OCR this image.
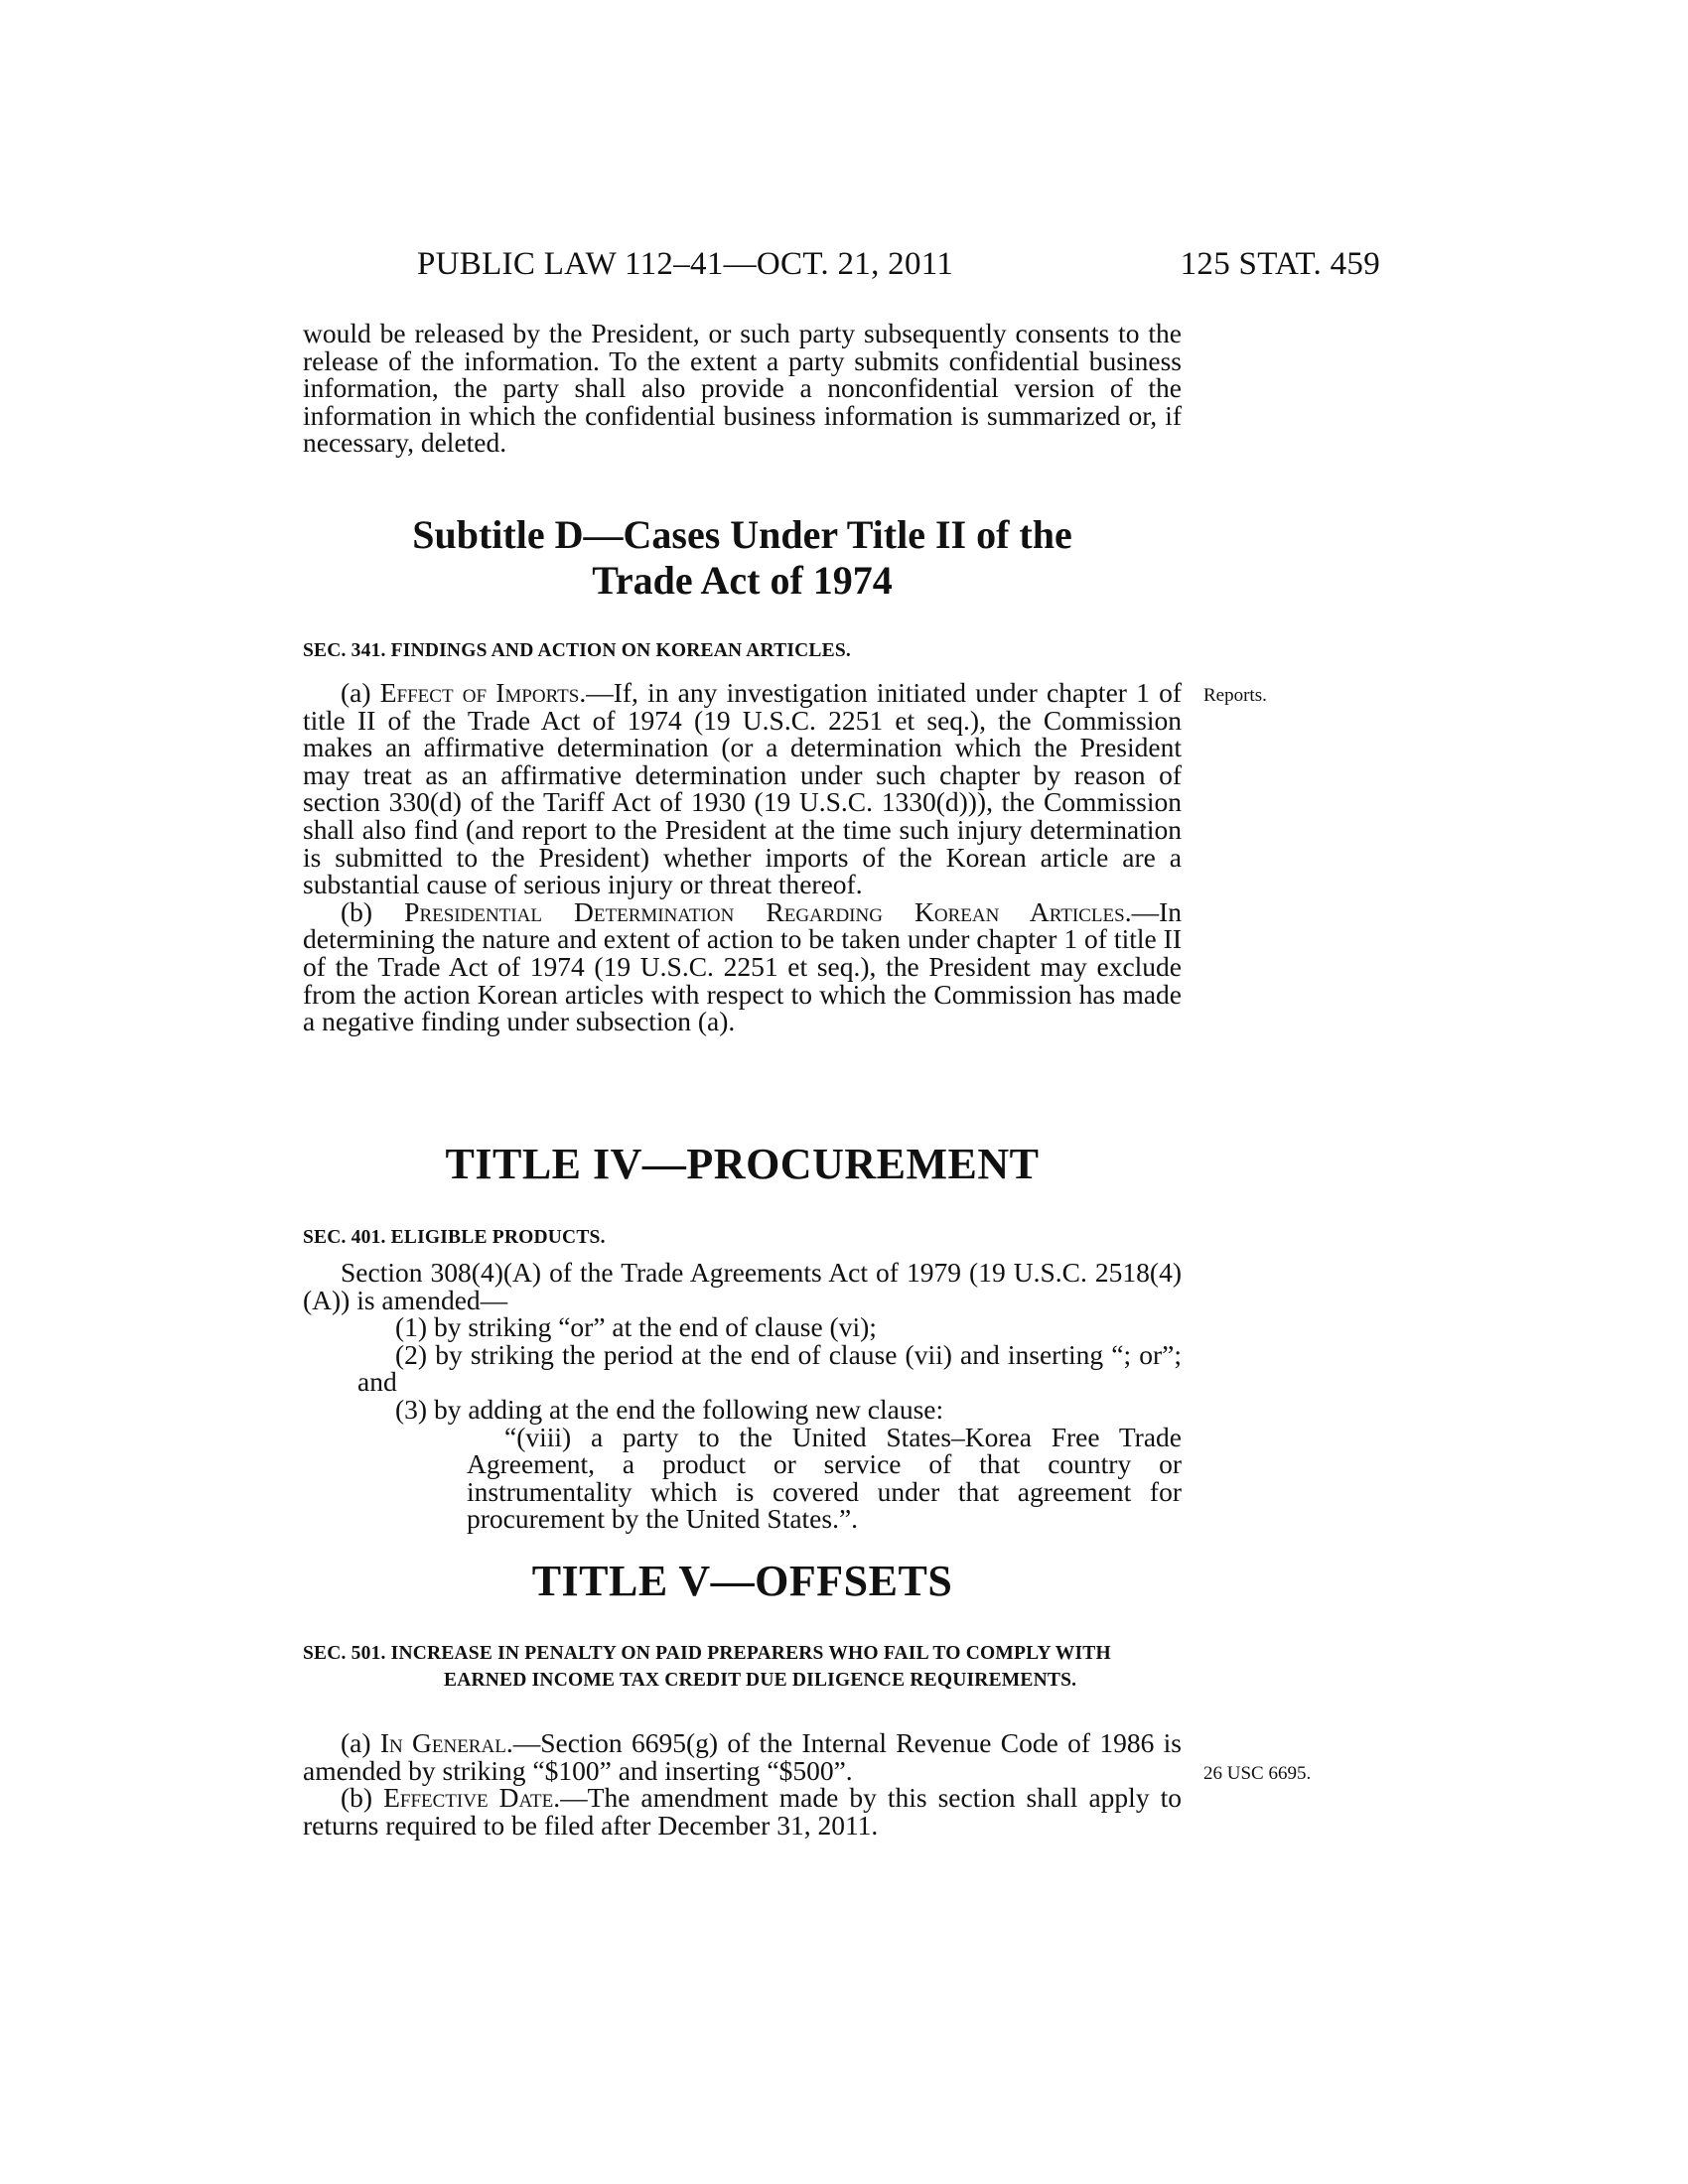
PUBLIC LAW 112–41—OCT. 21, 2011	125 STAT. 459

would be released by the President, or such party subsequently consents to the release of the information. To the extent a party submits confidential business information, the party shall also provide a nonconfidential version of the information in which the confidential business information is summarized or, if necessary, deleted.

Subtitle D—Cases Under Title II of the
Trade Act of 1974
SEC. 341. FINDINGS AND ACTION ON KOREAN ARTICLES.

(a) Effect of Imports.—If, in any investigation initiated under chapter 1 of title II of the Trade Act of 1974 (19 U.S.C. 2251 et seq.), the Commission makes an affirmative determination (or a determination which the President may treat as an affirmative determination under such chapter by reason of section 330(d) of the Tariff Act of 1930 (19 U.S.C. 1330(d))), the Commission shall also find (and report to the President at the time such injury determination is submitted to the President) whether imports of the Korean article are a substantial cause of serious injury or threat thereof.

(b) Presidential Determination Regarding Korean Articles.—In determining the nature and extent of action to be taken under chapter 1 of title II of the Trade Act of 1974 (19 U.S.C. 2251 et seq.), the President may exclude from the action Korean articles with respect to which the Commission has made a negative finding under subsection (a).

Reports.
TITLE IV—PROCUREMENT
SEC. 401. ELIGIBLE PRODUCTS.

Section 308(4)(A) of the Trade Agreements Act of 1979 (19 U.S.C. 2518(4)(A)) is amended—

(1) by striking “or” at the end of clause (vi);

(2) by striking the period at the end of clause (vii) and inserting “; or”; and

(3) by adding at the end the following new clause:

“(viii) a party to the United States–Korea Free Trade Agreement, a product or service of that country or instrumentality which is covered under that agreement for procurement by the United States.”.

TITLE V—OFFSETS
SEC. 501. INCREASE IN PENALTY ON PAID PREPARERS WHO FAIL TO COMPLY WITH EARNED INCOME TAX CREDIT DUE DILIGENCE REQUIREMENTS.

(a) In General.—Section 6695(g) of the Internal Revenue Code of 1986 is amended by striking “$100” and inserting “$500”.

(b) Effective Date.—The amendment made by this section shall apply to returns required to be filed after December 31, 2011.

26 USC 6695.
